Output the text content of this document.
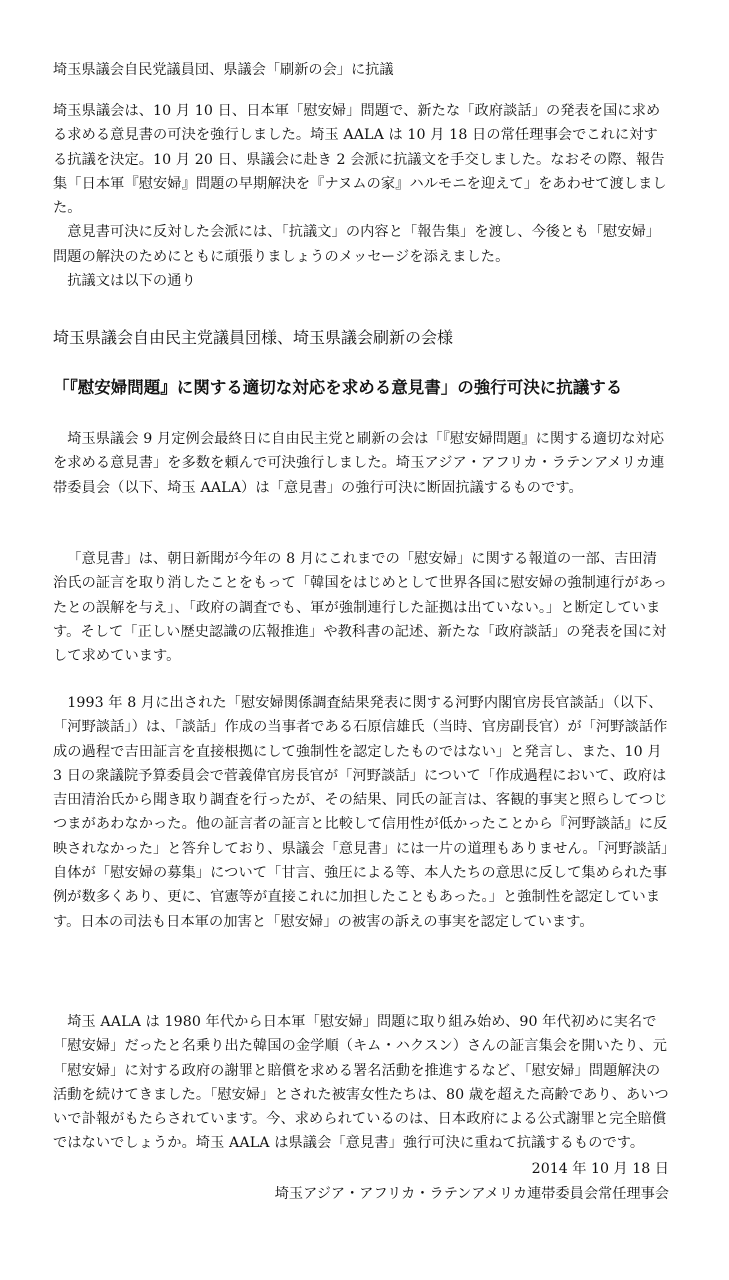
埼玉県議会自民党議員団、県議会「刷新の会」に抗議

埼玉県議会は、10 月 10 日、日本軍「慰安婦」問題で、新たな「政府談話」の発表を国に求める求める意見書の可決を強行しました。埼玉 AALA は 10 月 18 日の常任理事会でこれに対する抗議を決定。10 月 20 日、県議会に赴き 2 会派に抗議文を手交しました。なおその際、報告集「日本軍『慰安婦』問題の早期解決を『ナヌムの家』ハルモニを迎えて」をあわせて渡しました。

意見書可決に反対した会派には、「抗議文」の内容と「報告集」を渡し、今後とも「慰安婦」問題の解決のためにともに頑張りましょうのメッセージを添えました。

抗議文は以下の通り

埼玉県議会自由民主党議員団様、埼玉県議会刷新の会様
「『慰安婦問題』に関する適切な対応を求める意見書」の強行可決に抗議する
埼玉県議会 9 月定例会最終日に自由民主党と刷新の会は「『慰安婦問題』に関する適切な対応を求める意見書」を多数を頼んで可決強行しました。埼玉アジア・アフリカ・ラテンアメリカ連帯委員会（以下、埼玉 AALA）は「意見書」の強行可決に断固抗議するものです。
「意見書」は、朝日新聞が今年の 8 月にこれまでの「慰安婦」に関する報道の一部、吉田清治氏の証言を取り消したことをもって「韓国をはじめとして世界各国に慰安婦の強制連行があったとの誤解を与え」、「政府の調査でも、軍が強制連行した証拠は出ていない。」と断定しています。そして「正しい歴史認識の広報推進」や教科書の記述、新たな「政府談話」の発表を国に対して求めています。
1993 年 8 月に出された「慰安婦関係調査結果発表に関する河野内閣官房長官談話」（以下、「河野談話」）は、「談話」作成の当事者である石原信雄氏（当時、官房副長官）が「河野談話作成の過程で吉田証言を直接根拠にして強制性を認定したものではない」と発言し、また、10 月 3 日の衆議院予算委員会で菅義偉官房長官が「河野談話」について「作成過程において、政府は吉田清治氏から聞き取り調査を行ったが、その結果、同氏の証言は、客観的事実と照らしてつじつまがあわなかった。他の証言者の証言と比較して信用性が低かったことから『河野談話』に反映されなかった」と答弁しており、県議会「意見書」には一片の道理もありません。「河野談話」自体が「慰安婦の募集」について「甘言、強圧による等、本人たちの意思に反して集められた事例が数多くあり、更に、官憲等が直接これに加担したこともあった。」と強制性を認定しています。日本の司法も日本軍の加害と「慰安婦」の被害の訴えの事実を認定しています。
埼玉 AALA は 1980 年代から日本軍「慰安婦」問題に取り組み始め、90 年代初めに実名で「慰安婦」だったと名乗り出た韓国の金学順（キム・ハクスン）さんの証言集会を開いたり、元「慰安婦」に対する政府の謝罪と賠償を求める署名活動を推進するなど、「慰安婦」問題解決の活動を続けてきました。「慰安婦」とされた被害女性たちは、80 歳を超えた高齢であり、あいついで訃報がもたらされています。今、求められているのは、日本政府による公式謝罪と完全賠償ではないでしょうか。埼玉 AALA は県議会「意見書」強行可決に重ねて抗議するものです。
2014 年 10 月 18 日
埼玉アジア・アフリカ・ラテンアメリカ連帯委員会常任理事会
